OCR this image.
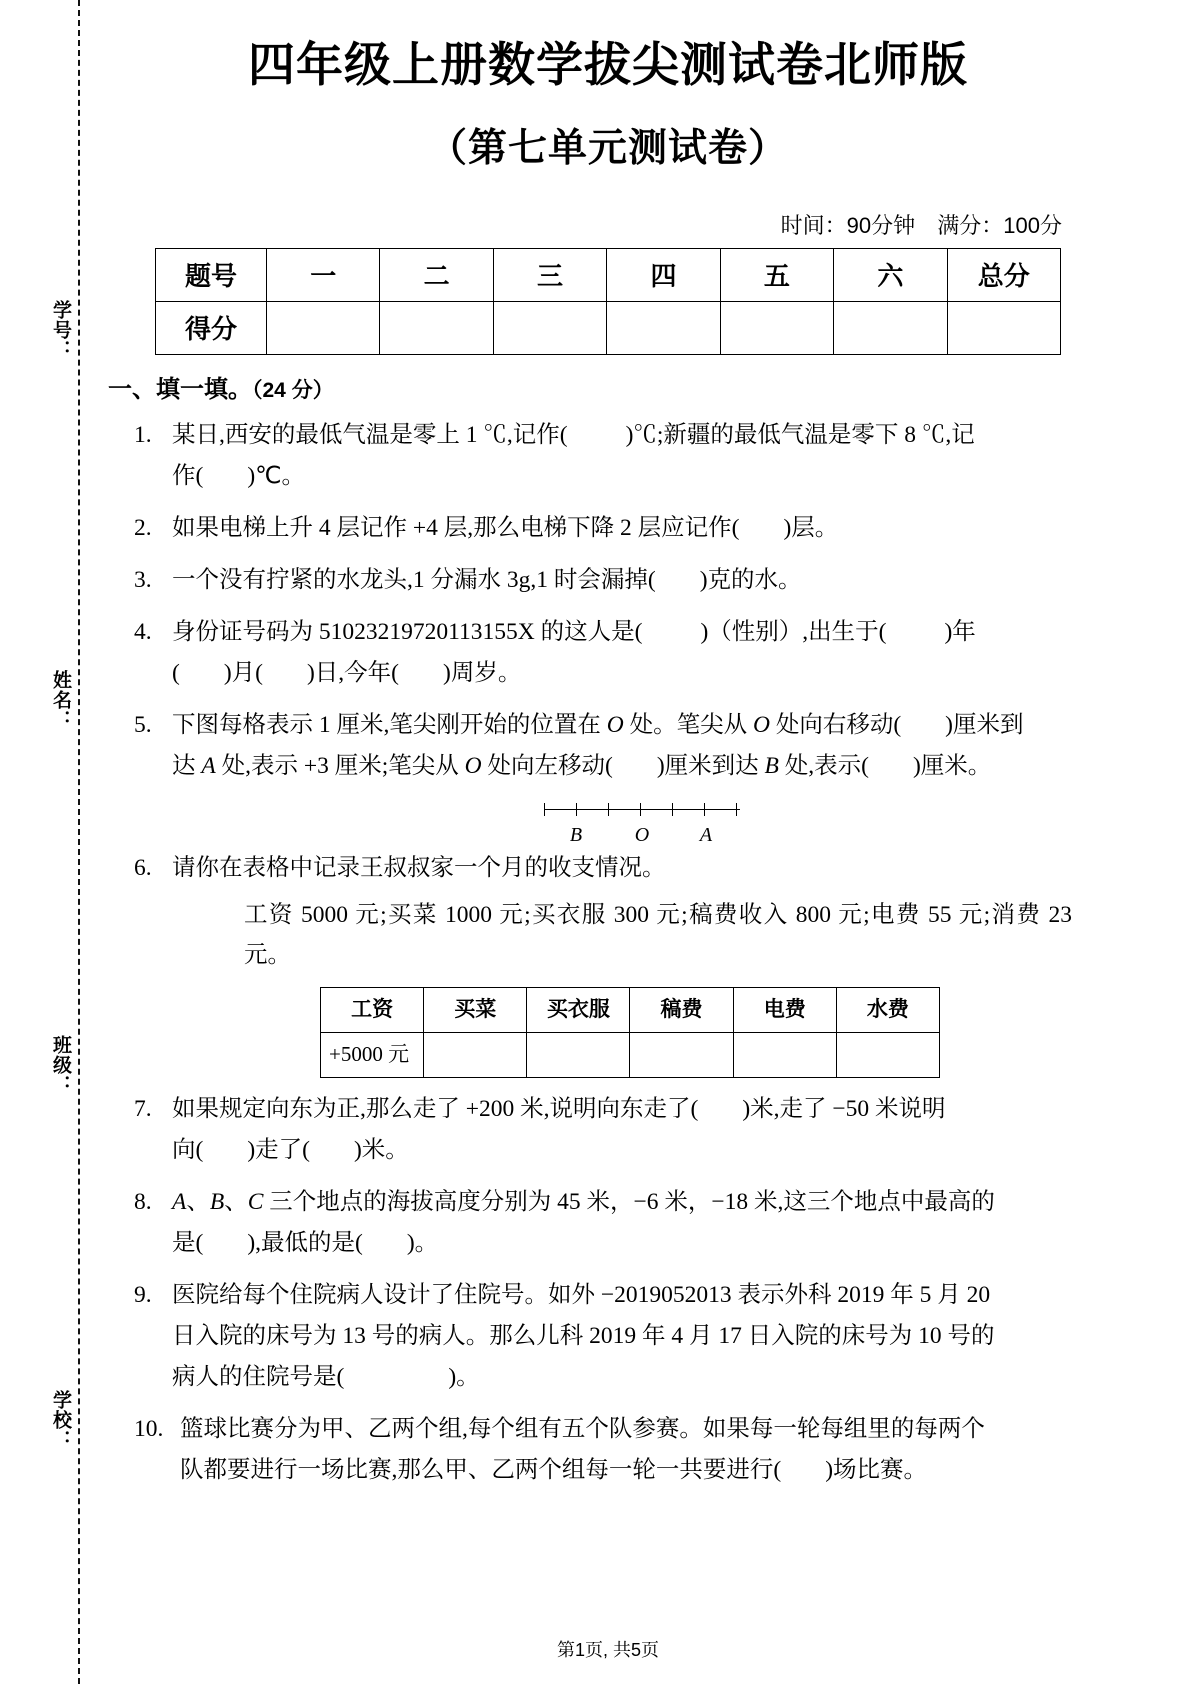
学号：
姓名：
班级：
学校：
四年级上册数学拔尖测试卷北师版
（第七单元测试卷）
时间：90分钟 满分：100分
题号	一	二	三	四	五	六	总分
得分							
一、填一填。（24 分）
1. 某日,西安的最低气温是零上 1 ℃,记作( )℃;新疆的最低气温是零下 8 ℃,记
作( )℃。
2. 如果电梯上升 4 层记作 +4 层,那么电梯下降 2 层应记作( )层。
3. 一个没有拧紧的水龙头,1 分漏水 3g,1 时会漏掉( )克的水。
4. 身份证号码为 51023219720113155X 的这人是( )（性别）,出生于( )年
( )月( )日,今年( )周岁。
5. 下图每格表示 1 厘米,笔尖刚开始的位置在 O 处。笔尖从 O 处向右移动( )厘米到
达 A 处,表示 +3 厘米;笔尖从 O 处向左移动( )厘米到达 B 处,表示( )厘米。
B	O	A
6. 请你在表格中记录王叔叔家一个月的收支情况。
工资 5000 元;买菜 1000 元;买衣服 300 元;稿费收入 800 元;电费 55 元;消费 23 元。
工资	买菜	买衣服	稿费	电费	水费
+5000 元					
7. 如果规定向东为正,那么走了 +200 米,说明向东走了( )米,走了 −50 米说明
向( )走了( )米。
8. A、B、C 三个地点的海拔高度分别为 45 米，−6 米，−18 米,这三个地点中最高的
是( ),最低的是( )。
9. 医院给每个住院病人设计了住院号。如外 −2019052013 表示外科 2019 年 5 月 20
日入院的床号为 13 号的病人。那么儿科 2019 年 4 月 17 日入院的床号为 10 号的
病人的住院号是(	)。
10. 篮球比赛分为甲、乙两个组,每个组有五个队参赛。如果每一轮每组里的每两个
队都要进行一场比赛,那么甲、乙两个组每一轮一共要进行( )场比赛。
第1页, 共5页
